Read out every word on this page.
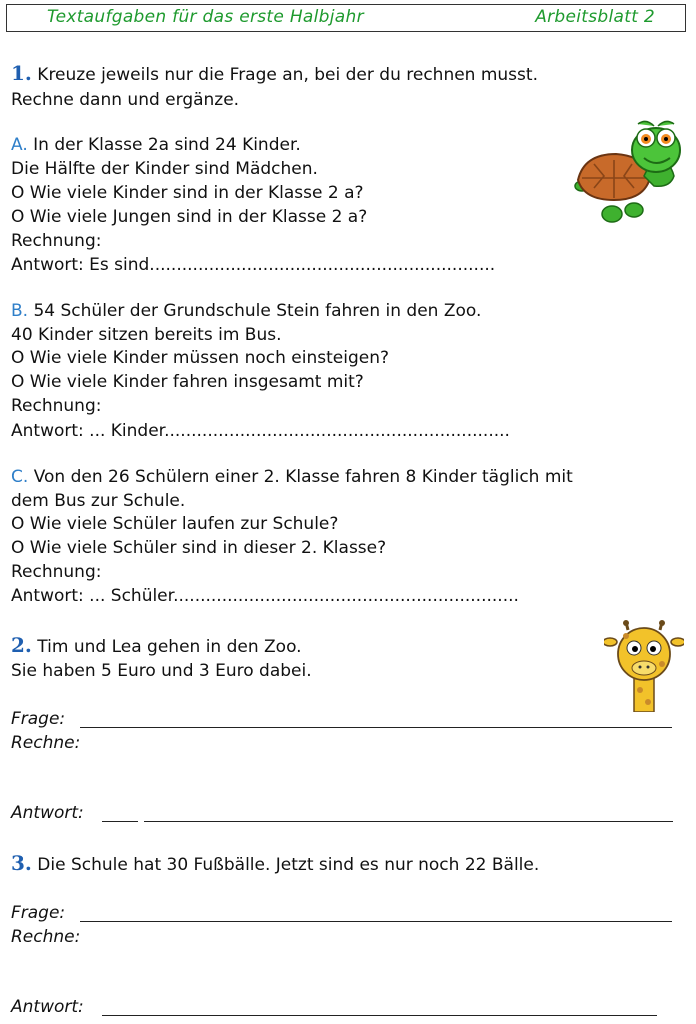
Textaufgaben für das erste Halbjahr	Arbeitsblatt 2
1. Kreuze jeweils nur die Frage an, bei der du rechnen musst.
Rechne dann und ergänze.
A. In der Klasse 2a sind 24 Kinder.
Die Hälfte der Kinder sind Mädchen.
O Wie viele Kinder sind in der Klasse 2 a?
O Wie viele Jungen sind in der Klasse 2 a?
Rechnung:
Antwort: Es sind................................................................
B. 54 Schüler der Grundschule Stein fahren in den Zoo.
40 Kinder sitzen bereits im Bus.
O Wie viele Kinder müssen noch einsteigen?
O Wie viele Kinder fahren insgesamt mit?
Rechnung:
Antwort: ... Kinder................................................................
C. Von den 26 Schülern einer 2. Klasse fahren 8 Kinder täglich mit
dem Bus zur Schule.
O Wie viele Schüler laufen zur Schule?
O Wie viele Schüler sind in dieser 2. Klasse?
Rechnung:
Antwort: ... Schüler................................................................
2. Tim und Lea gehen in den Zoo.
Sie haben 5 Euro und 3 Euro dabei.
Frage:
Rechne:
Antwort:
3. Die Schule hat 30 Fußbälle. Jetzt sind es nur noch 22 Bälle.
Frage:
Rechne:
Antwort:
